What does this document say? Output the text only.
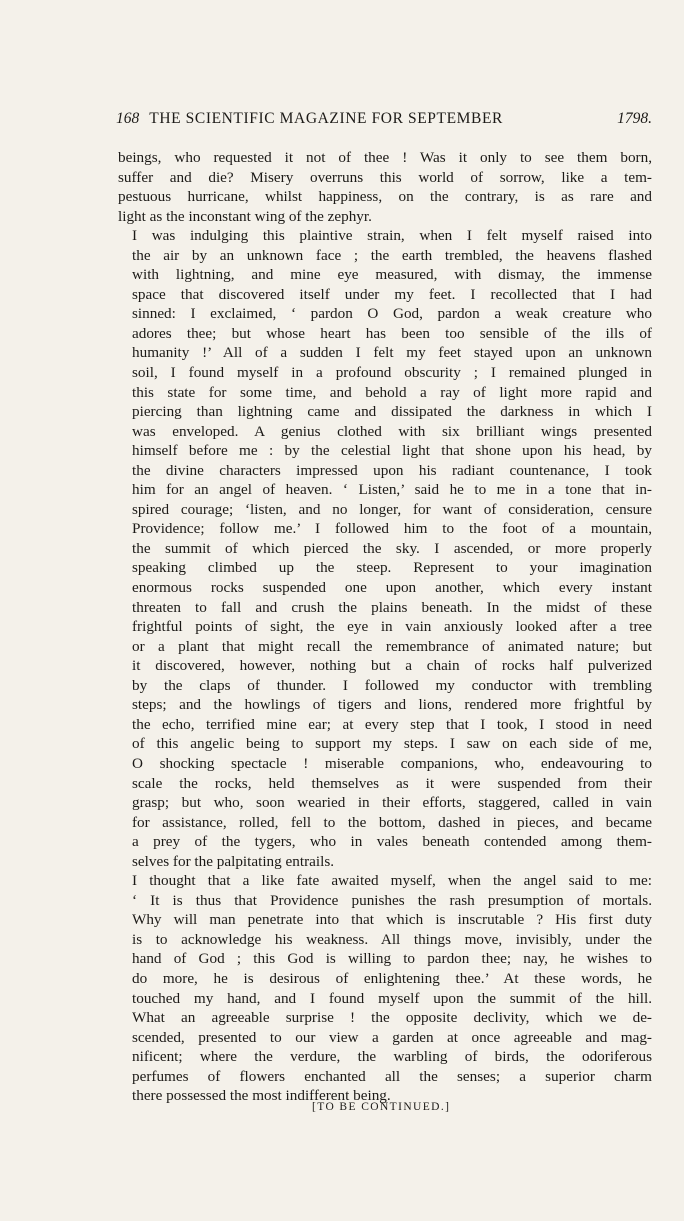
168 THE SCIENTIFIC MAGAZINE FOR SEPTEMBER	1798.

beings, who requested it not of thee ! Was it only to see them born,
suffer and die? Misery overruns this world of sorrow, like a tem-
pestuous hurricane, whilst happiness, on the contrary, is as rare and
light as the inconstant wing of the zephyr.

I was indulging this plaintive strain, when I felt myself raised into
the air by an unknown face ; the earth trembled, the heavens flashed
with lightning, and mine eye measured, with dismay, the immense
space that discovered itself under my feet. I recollected that I had
sinned: I exclaimed, ‘ pardon O God, pardon a weak creature who
adores thee; but whose heart has been too sensible of the ills of
humanity !’ All of a sudden I felt my feet stayed upon an unknown
soil, I found myself in a profound obscurity ; I remained plunged in
this state for some time, and behold a ray of light more rapid and
piercing than lightning came and dissipated the darkness in which I
was enveloped. A genius clothed with six brilliant wings presented
himself before me : by the celestial light that shone upon his head, by
the divine characters impressed upon his radiant countenance, I took
him for an angel of heaven. ‘ Listen,’ said he to me in a tone that in-
spired courage; ‘listen, and no longer, for want of consideration, censure
Providence; follow me.’ I followed him to the foot of a mountain,
the summit of which pierced the sky. I ascended, or more properly
speaking climbed up the steep. Represent to your imagination
enormous rocks suspended one upon another, which every instant
threaten to fall and crush the plains beneath. In the midst of these
frightful points of sight, the eye in vain anxiously looked after a tree
or a plant that might recall the remembrance of animated nature; but
it discovered, however, nothing but a chain of rocks half pulverized
by the claps of thunder. I followed my conductor with trembling
steps; and the howlings of tigers and lions, rendered more frightful by
the echo, terrified mine ear; at every step that I took, I stood in need
of this angelic being to support my steps. I saw on each side of me,
O shocking spectacle ! miserable companions, who, endeavouring to
scale the rocks, held themselves as it were suspended from their
grasp; but who, soon wearied in their efforts, staggered, called in vain
for assistance, rolled, fell to the bottom, dashed in pieces, and became
a prey of the tygers, who in vales beneath contended among them-
selves for the palpitating entrails.

I thought that a like fate awaited myself, when the angel said to me:
‘ It is thus that Providence punishes the rash presumption of mortals.
Why will man penetrate into that which is inscrutable ? His first duty
is to acknowledge his weakness. All things move, invisibly, under the
hand of God ; this God is willing to pardon thee; nay, he wishes to
do more, he is desirous of enlightening thee.’ At these words, he
touched my hand, and I found myself upon the summit of the hill.
What an agreeable surprise ! the opposite declivity, which we de-
scended, presented to our view a garden at once agreeable and mag-
nificent; where the verdure, the warbling of birds, the odoriferous
perfumes of flowers enchanted all the senses; a superior charm
there possessed the most indifferent being.

[TO BE CONTINUED.]
